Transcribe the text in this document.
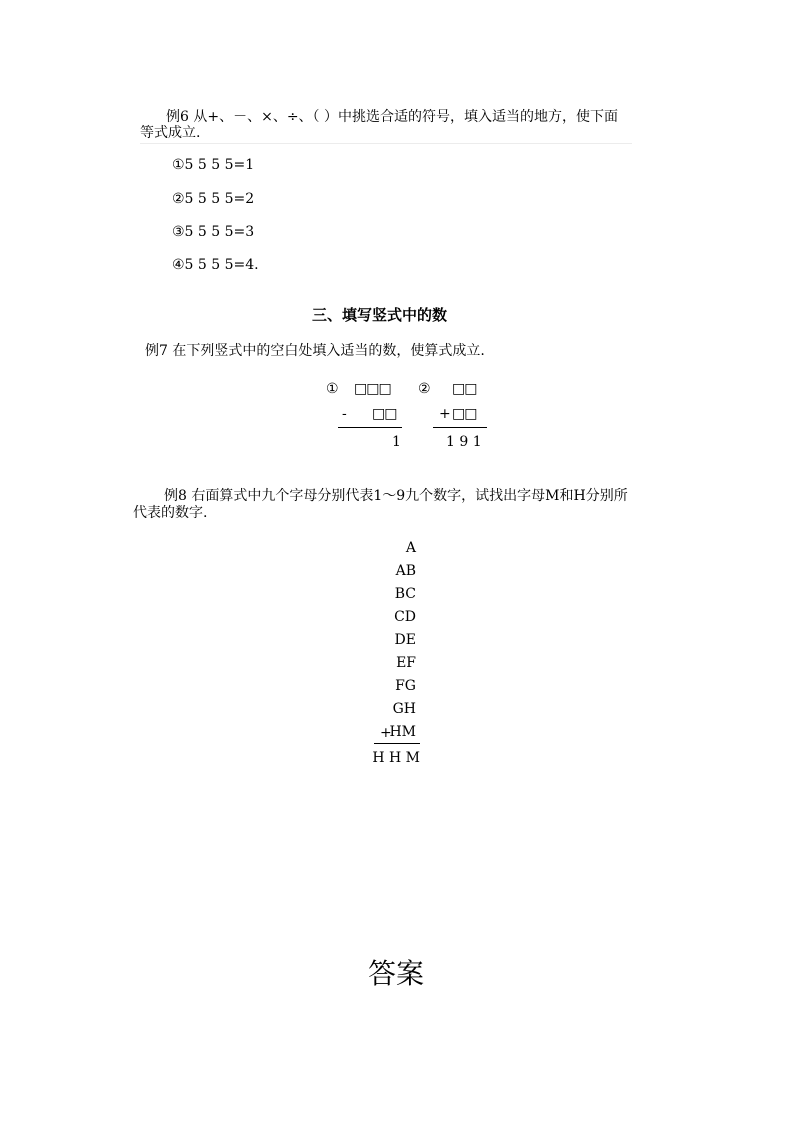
例6 从+、－、×、÷、（ ）中挑选合适的符号，填入适当的地方，使下面
等式成立.
①5 5 5 5=1
②5 5 5 5=2
③5 5 5 5=3
④5 5 5 5=4.
三、填写竖式中的数
例7 在下列竖式中的空白处填入适当的数，使算式成立.
① □□□
- □□
1
② □□
+ □□
1 9 1
例8 右面算式中九个字母分别代表1～9九个数字，试找出字母M和H分别所
代表的数字.
A
AB
BC
CD
DE
EF
FG
GH
+
HM
H H M
答案
